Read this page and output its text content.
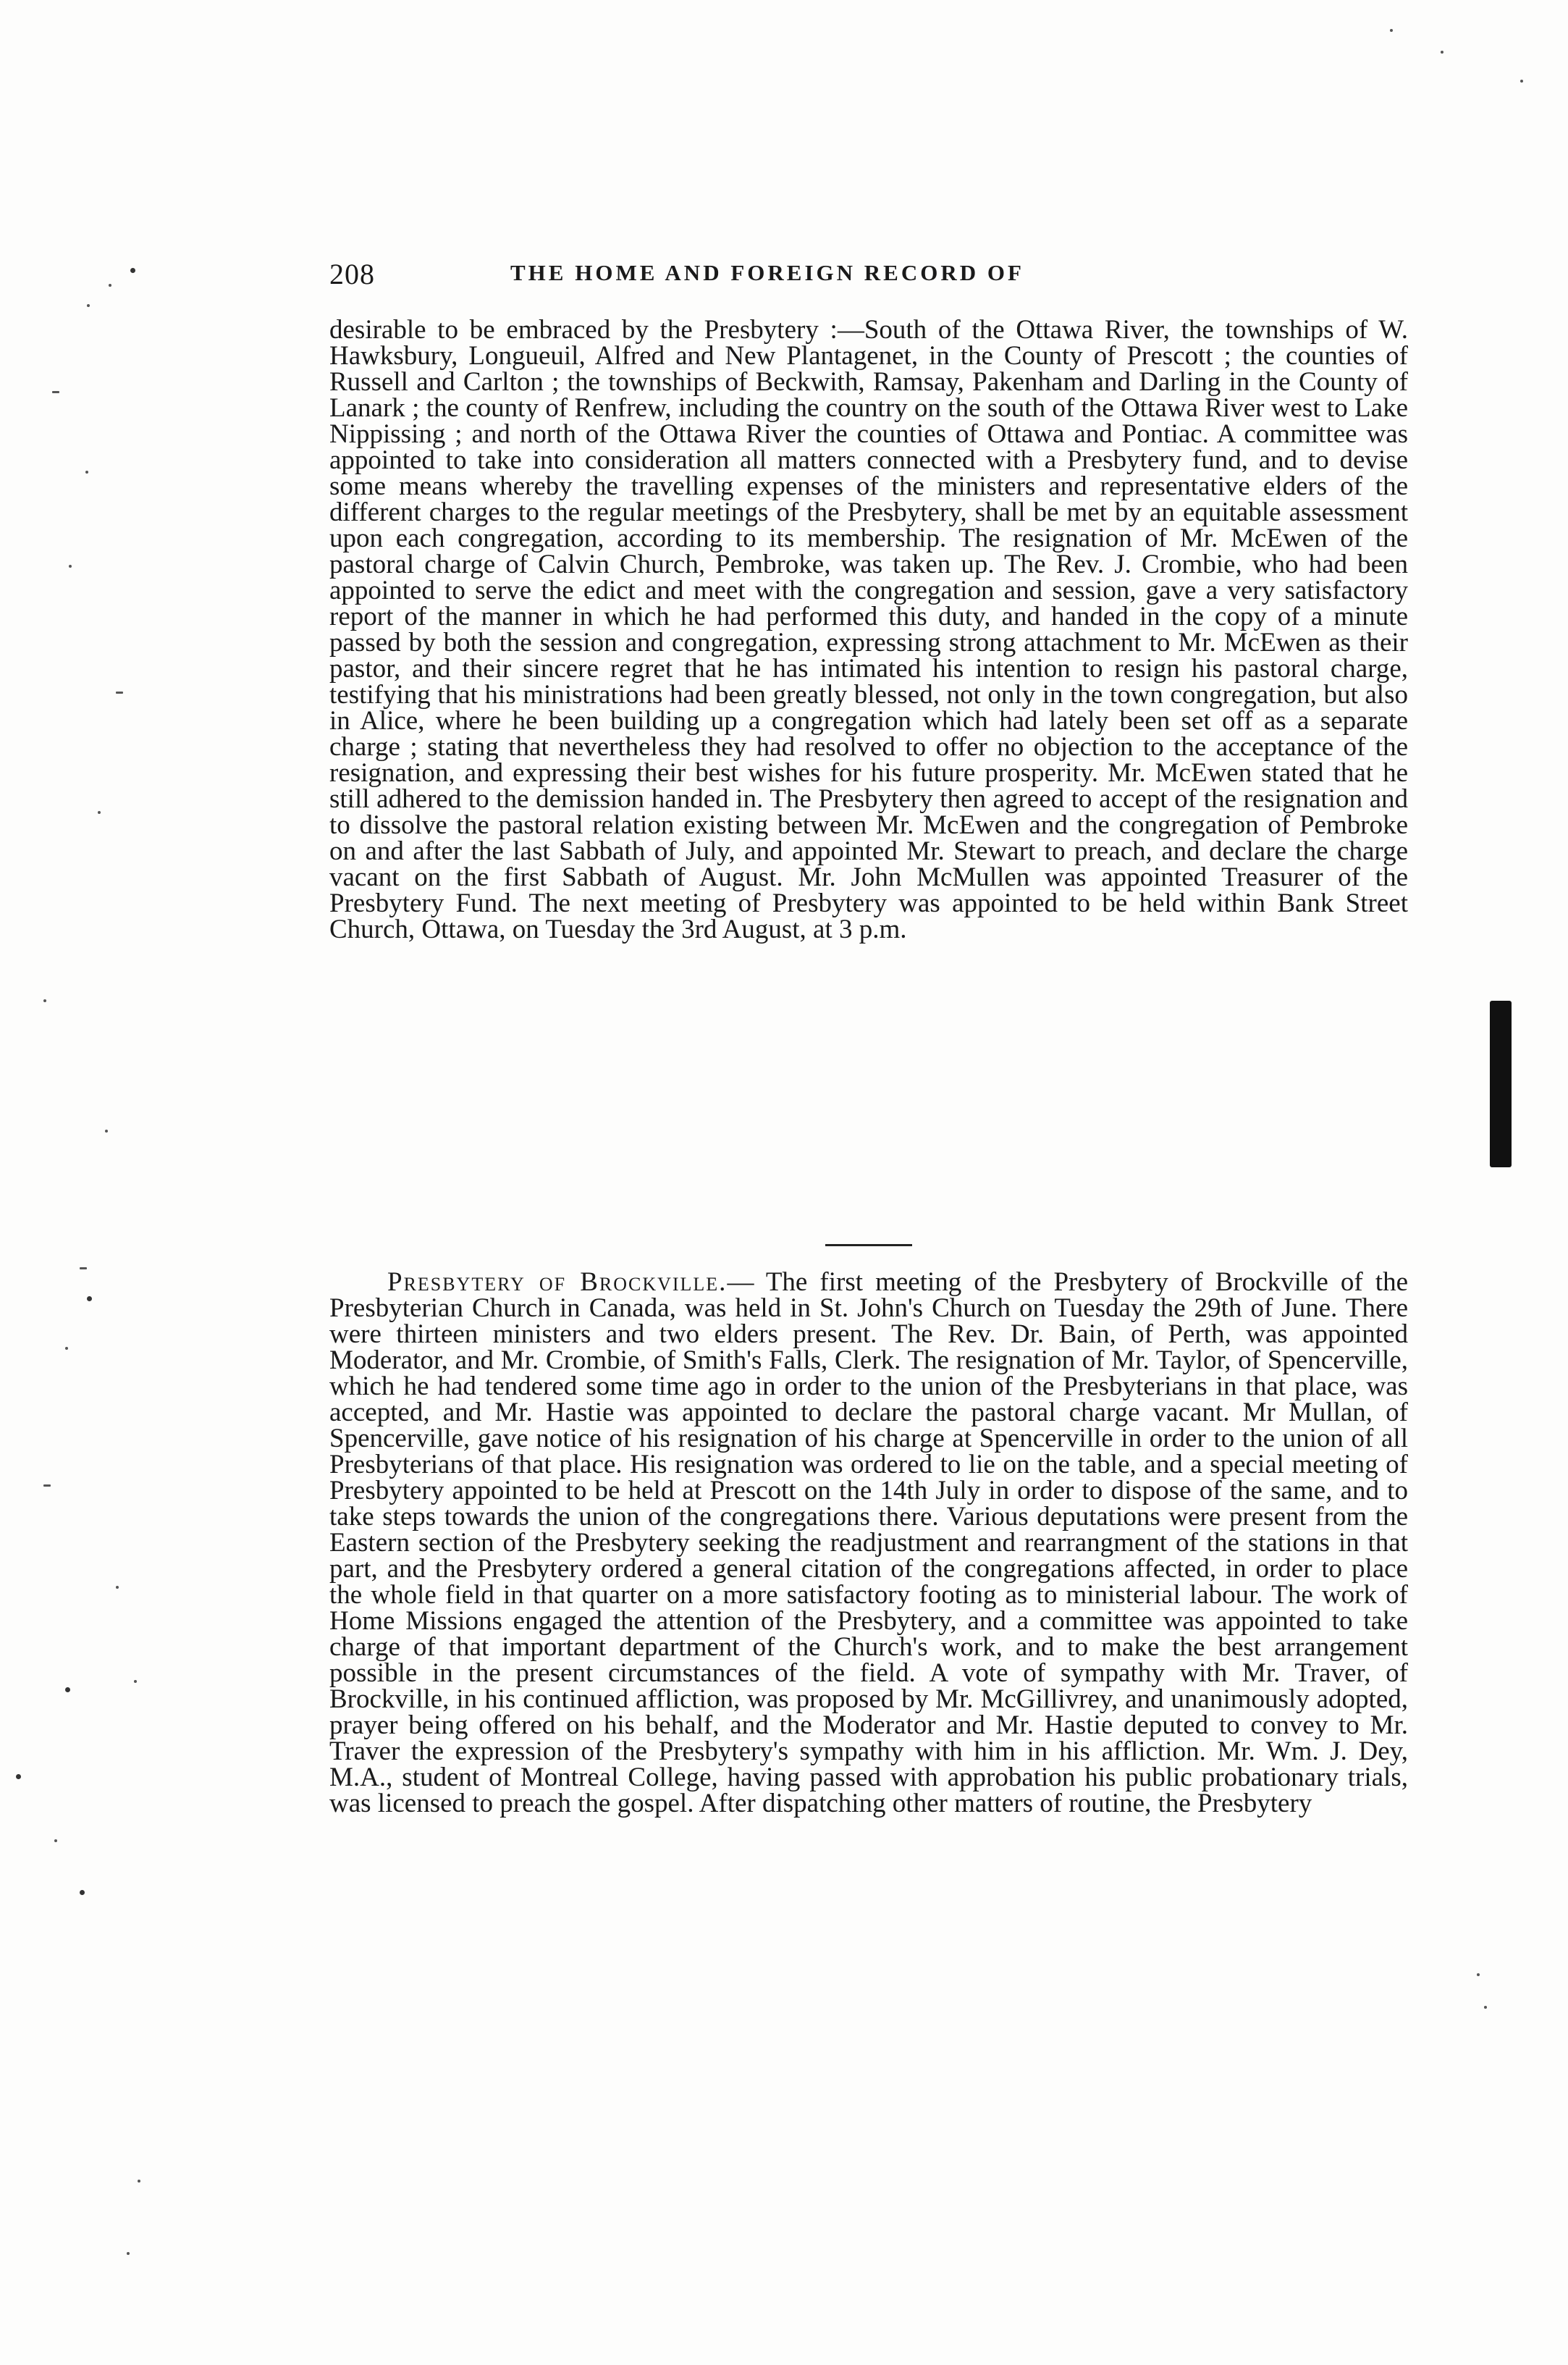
208	THE HOME AND FOREIGN RECORD OF

desirable to be embraced by the Presbytery :—South of the Ottawa River, the townships of W. Hawksbury, Longueuil, Alfred and New Plantagenet, in the County of Prescott ; the counties of Russell and Carlton ; the townships of Beckwith, Ramsay, Pakenham and Darling in the County of Lanark ; the county of Renfrew, including the country on the south of the Ottawa River west to Lake Nippissing ; and north of the Ottawa River the counties of Ottawa and Pontiac. A committee was appointed to take into consideration all matters connected with a Presbytery fund, and to devise some means whereby the travelling expenses of the ministers and representative elders of the different charges to the regular meetings of the Presbytery, shall be met by an equitable assessment upon each congregation, according to its membership. The resignation of Mr. McEwen of the pastoral charge of Calvin Church, Pembroke, was taken up. The Rev. J. Crombie, who had been appointed to serve the edict and meet with the congregation and session, gave a very satisfactory report of the manner in which he had performed this duty, and handed in the copy of a minute passed by both the session and congregation, expressing strong attachment to Mr. McEwen as their pastor, and their sincere regret that he has intimated his intention to resign his pastoral charge, testifying that his ministrations had been greatly blessed, not only in the town congregation, but also in Alice, where he been building up a congregation which had lately been set off as a separate charge ; stating that nevertheless they had resolved to offer no objection to the acceptance of the resignation, and expressing their best wishes for his future prosperity. Mr. McEwen stated that he still adhered to the demission handed in. The Presbytery then agreed to accept of the resignation and to dissolve the pastoral relation existing between Mr. McEwen and the congregation of Pembroke on and after the last Sabbath of July, and appointed Mr. Stewart to preach, and declare the charge vacant on the first Sabbath of August. Mr. John McMullen was appointed Treasurer of the Presbytery Fund. The next meeting of Presbytery was appointed to be held within Bank Street Church, Ottawa, on Tuesday the 3rd August, at 3 p.m.

Presbytery of Brockville.— The first meeting of the Presbytery of Brockville of the Presbyterian Church in Canada, was held in St. John's Church on Tuesday the 29th of June. There were thirteen ministers and two elders present. The Rev. Dr. Bain, of Perth, was appointed Moderator, and Mr. Crombie, of Smith's Falls, Clerk. The resignation of Mr. Taylor, of Spencerville, which he had tendered some time ago in order to the union of the Presbyterians in that place, was accepted, and Mr. Hastie was appointed to declare the pastoral charge vacant. Mr Mullan, of Spencerville, gave notice of his resignation of his charge at Spencerville in order to the union of all Presbyterians of that place. His resignation was ordered to lie on the table, and a special meeting of Presbytery appointed to be held at Prescott on the 14th July in order to dispose of the same, and to take steps towards the union of the congregations there. Various deputations were present from the Eastern section of the Presbytery seeking the readjustment and rearrangment of the stations in that part, and the Presbytery ordered a general citation of the congregations affected, in order to place the whole field in that quarter on a more satisfactory footing as to ministerial labour. The work of Home Missions engaged the attention of the Presbytery, and a committee was appointed to take charge of that important department of the Church's work, and to make the best arrangement possible in the present circumstances of the field. A vote of sympathy with Mr. Traver, of Brockville, in his continued affliction, was proposed by Mr. McGillivrey, and unanimously adopted, prayer being offered on his behalf, and the Moderator and Mr. Hastie deputed to convey to Mr. Traver the expression of the Presbytery's sympathy with him in his affliction. Mr. Wm. J. Dey, M.A., student of Montreal College, having passed with approbation his public probationary trials, was licensed to preach the gospel. After dispatching other matters of routine, the Presbytery
